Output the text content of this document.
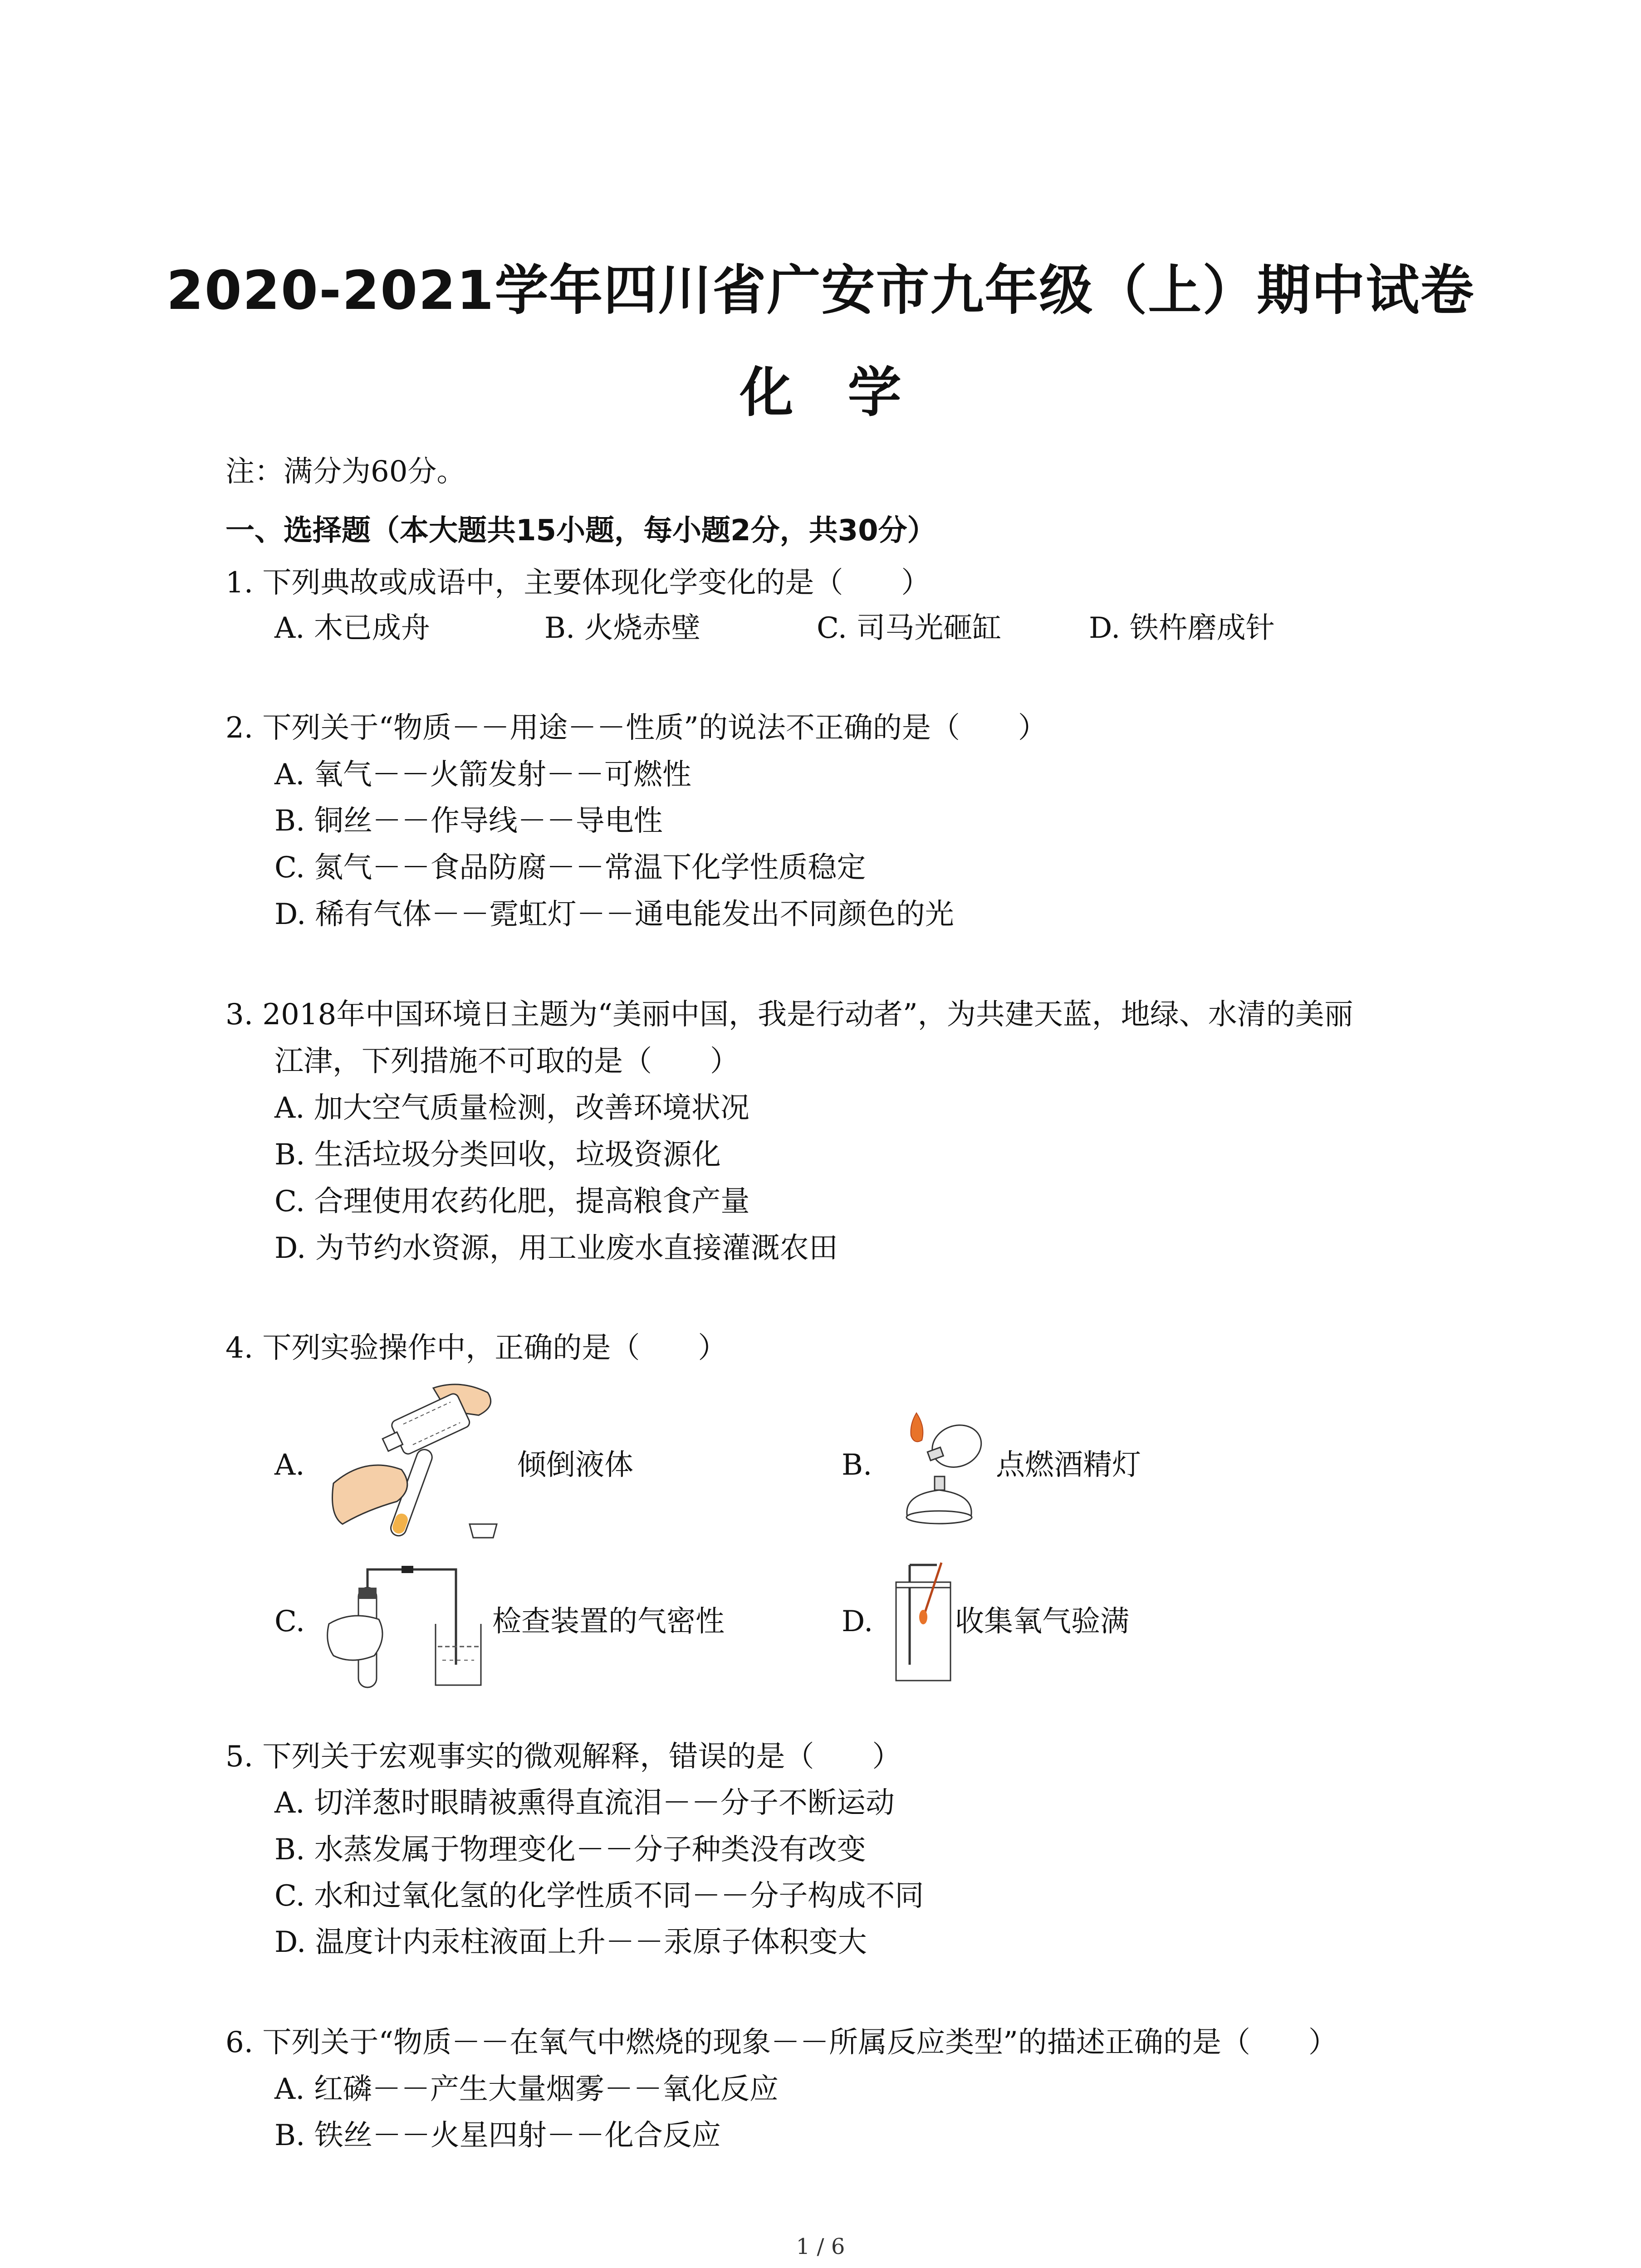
2020-2021学年四川省广安市九年级（上）期中试卷
化学
注：满分为60分。
一、选择题（本大题共15小题，每小题2分，共30分）
1. 下列典故或成语中，主要体现化学变化的是（　　）
A. 木已成舟	B. 火烧赤壁	C. 司马光砸缸	D. 铁杵磨成针
2. 下列关于“物质－－用途－－性质”的说法不正确的是（　　）
A. 氧气－－火箭发射－－可燃性
B. 铜丝－－作导线－－导电性
C. 氮气－－食品防腐－－常温下化学性质稳定
D. 稀有气体－－霓虹灯－－通电能发出不同颜色的光
3. 2018年中国环境日主题为“美丽中国，我是行动者”，为共建天蓝，地绿、水清的美丽
江津，下列措施不可取的是（　　）
A. 加大空气质量检测，改善环境状况
B. 生活垃圾分类回收，垃圾资源化
C. 合理使用农药化肥，提高粮食产量
D. 为节约水资源，用工业废水直接灌溉农田
4. 下列实验操作中，正确的是（　　）
A.	倾倒液体	B.	点燃酒精灯
C.	检查装置的气密性	D.	收集氧气验满
5. 下列关于宏观事实的微观解释，错误的是（　　）
A. 切洋葱时眼睛被熏得直流泪－－分子不断运动
B. 水蒸发属于物理变化－－分子种类没有改变
C. 水和过氧化氢的化学性质不同－－分子构成不同
D. 温度计内汞柱液面上升－－汞原子体积变大
6. 下列关于“物质－－在氧气中燃烧的现象－－所属反应类型”的描述正确的是（　　）
A. 红磷－－产生大量烟雾－－氧化反应
B. 铁丝－－火星四射－－化合反应
1 / 6
